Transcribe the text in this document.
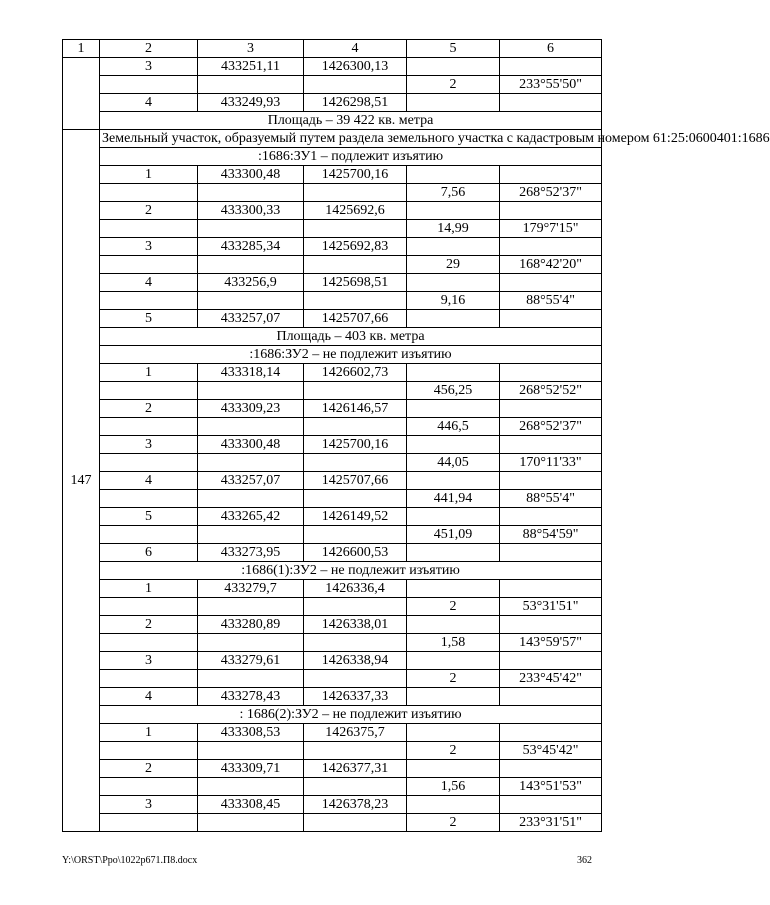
1	2	3	4	5	6
	3	433251,11	1426300,13		
				2	233°55'50"
	4	433249,93	1426298,51		
	Площадь – 39 422 кв. метра				
147	Земельный участок, образуемый путем раздела земельного участка с кадастровым номером 61:25:0600401:1686				
	:1686:ЗУ1 – подлежит изъятию				
	1	433300,48	1425700,16		
				7,56	268°52'37"
	2	433300,33	1425692,6		
				14,99	179°7'15"
	3	433285,34	1425692,83		
				29	168°42'20"
	4	433256,9	1425698,51		
				9,16	88°55'4"
	5	433257,07	1425707,66		
	Площадь – 403 кв. метра				
	:1686:ЗУ2 – не подлежит изъятию				
	1	433318,14	1426602,73		
				456,25	268°52'52"
	2	433309,23	1426146,57		
				446,5	268°52'37"
	3	433300,48	1425700,16		
				44,05	170°11'33"
	4	433257,07	1425707,66		
				441,94	88°55'4"
	5	433265,42	1426149,52		
				451,09	88°54'59"
	6	433273,95	1426600,53		
	:1686(1):ЗУ2 – не подлежит изъятию				
	1	433279,7	1426336,4		
				2	53°31'51"
	2	433280,89	1426338,01		
				1,58	143°59'57"
	3	433279,61	1426338,94		
				2	233°45'42"
	4	433278,43	1426337,33		
	: 1686(2):ЗУ2 – не подлежит изъятию				
	1	433308,53	1426375,7		
				2	53°45'42"
	2	433309,71	1426377,31		
				1,56	143°51'53"
	3	433308,45	1426378,23		
				2	233°31'51"
Y:\ORST\Ppo\1022p671.П8.docx	362
